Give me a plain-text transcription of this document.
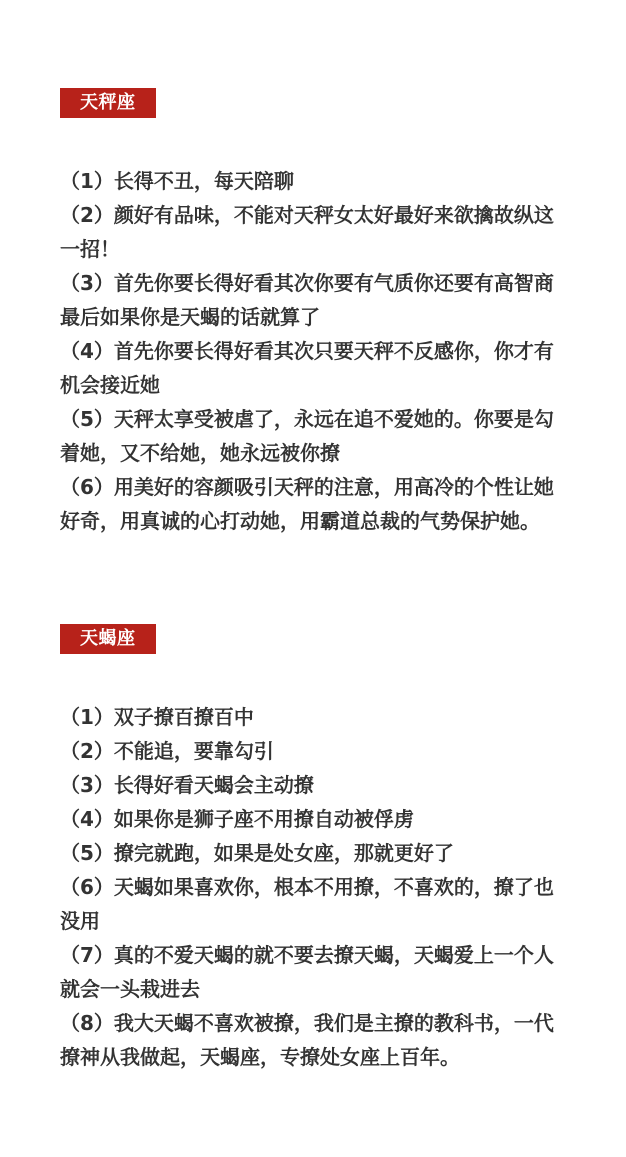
天秤座
（1）长得不丑，每天陪聊
（2）颜好有品味，不能对天秤女太好最好来欲擒故纵这一招！
（3）首先你要长得好看其次你要有气质你还要有高智商最后如果你是天蝎的话就算了
（4）首先你要长得好看其次只要天秤不反感你，你才有机会接近她
（5）天秤太享受被虐了，永远在追不爱她的。你要是勾着她，又不给她，她永远被你撩
（6）用美好的容颜吸引天秤的注意，用高冷的个性让她好奇，用真诚的心打动她，用霸道总裁的气势保护她。
天蝎座
（1）双子撩百撩百中
（2）不能追，要靠勾引
（3）长得好看天蝎会主动撩
（4）如果你是狮子座不用撩自动被俘虏
（5）撩完就跑，如果是处女座，那就更好了
（6）天蝎如果喜欢你，根本不用撩，不喜欢的，撩了也没用
（7）真的不爱天蝎的就不要去撩天蝎，天蝎爱上一个人就会一头栽进去
（8）我大天蝎不喜欢被撩，我们是主撩的教科书，一代撩神从我做起，天蝎座，专撩处女座上百年。
